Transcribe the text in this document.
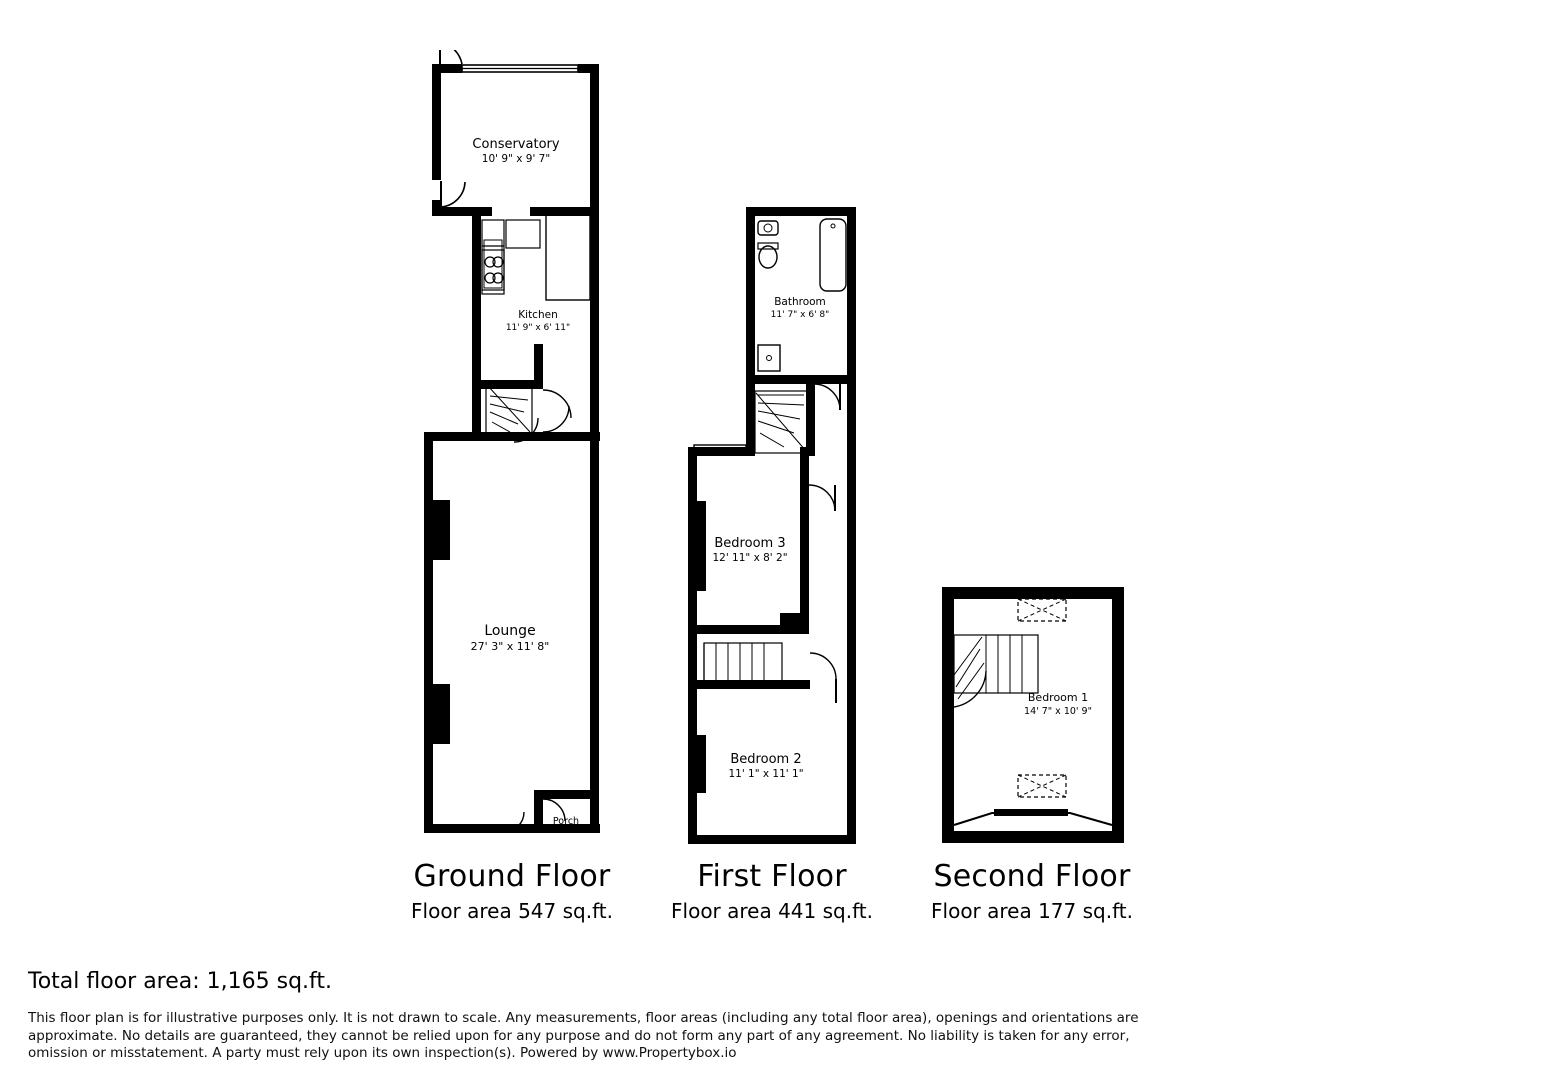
Conservatory
10' 9" x 9' 7"
Kitchen
11' 9" x 6' 11"
Lounge
27' 3" x 11' 8"
Porch
Ground Floor
Floor area 547 sq.ft.
Bathroom
11' 7" x 6' 8"
Bedroom 3
12' 11" x 8' 2"
Bedroom 2
11' 1" x 11' 1"
First Floor
Floor area 441 sq.ft.
Bedroom 1
14' 7" x 10' 9"
Second Floor
Floor area 177 sq.ft.
Total floor area: 1,165 sq.ft.
This floor plan is for illustrative purposes only. It is not drawn to scale. Any measurements, floor areas (including any total floor area), openings and orientations are approximate. No details are guaranteed, they cannot be relied upon for any purpose and do not form any part of any agreement. No liability is taken for any error, omission or misstatement. A party must rely upon its own inspection(s). Powered by www.Propertybox.io
